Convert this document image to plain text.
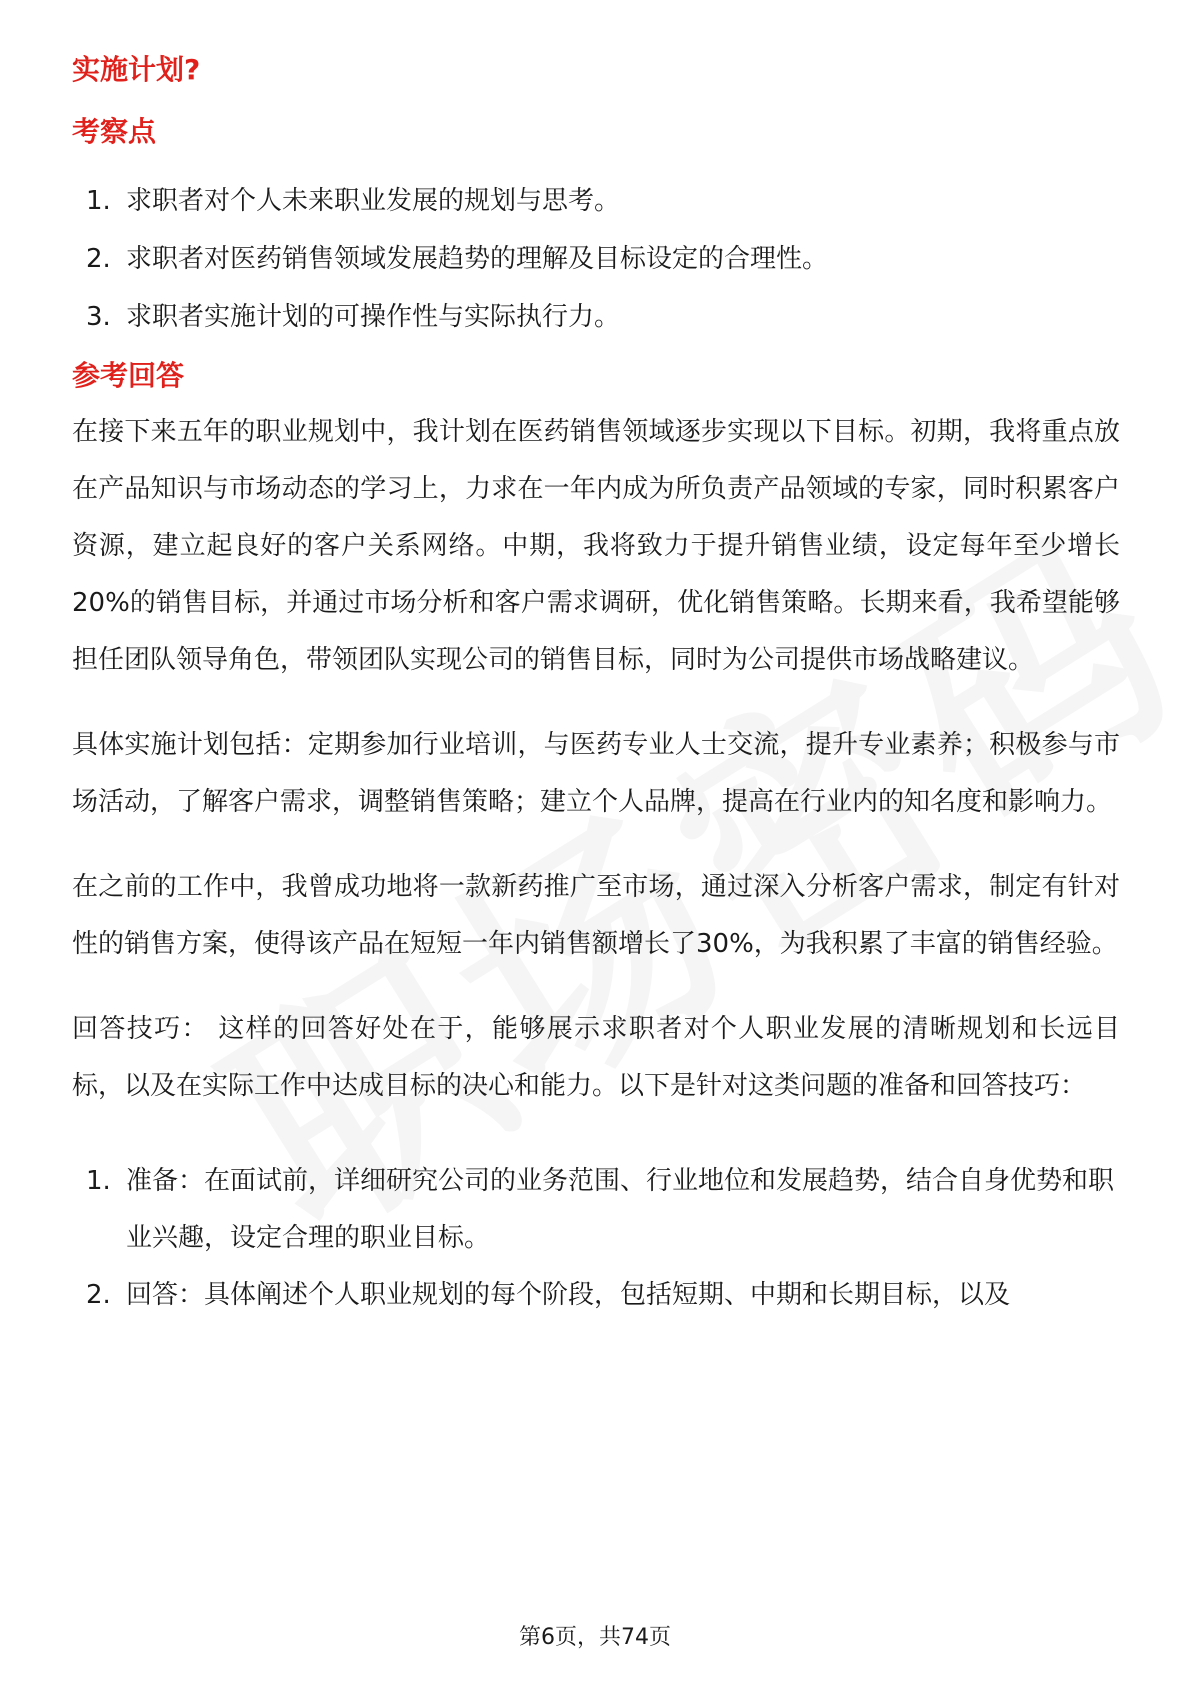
实施计划?
考察点
1. 求职者对个人未来职业发展的规划与思考。
2. 求职者对医药销售领域发展趋势的理解及目标设定的合理性。
3. 求职者实施计划的可操作性与实际执行力。
参考回答

在接下来五年的职业规划中，我计划在医药销售领域逐步实现以下目标。初期，我将重点放在产品知识与市场动态的学习上，力求在一年内成为所负责产品领域的专家，同时积累客户资源，建立起良好的客户关系网络。中期，我将致力于提升销售业绩，设定每年至少增长20%的销售目标，并通过市场分析和客户需求调研，优化销售策略。长期来看，我希望能够担任团队领导角色，带领团队实现公司的销售目标，同时为公司提供市场战略建议。

具体实施计划包括：定期参加行业培训，与医药专业人士交流，提升专业素养；积极参与市场活动，了解客户需求，调整销售策略；建立个人品牌，提高在行业内的知名度和影响力。

在之前的工作中，我曾成功地将一款新药推广至市场，通过深入分析客户需求，制定有针对性的销售方案，使得该产品在短短一年内销售额增长了30%，为我积累了丰富的销售经验。

回答技巧： 这样的回答好处在于，能够展示求职者对个人职业发展的清晰规划和长远目标，以及在实际工作中达成目标的决心和能力。以下是针对这类问题的准备和回答技巧：

1. 准备：在面试前，详细研究公司的业务范围、行业地位和发展趋势，结合自身优势和职业兴趣，设定合理的职业目标。
2. 回答：具体阐述个人职业规划的每个阶段，包括短期、中期和长期目标，以及
第6页，共74页
